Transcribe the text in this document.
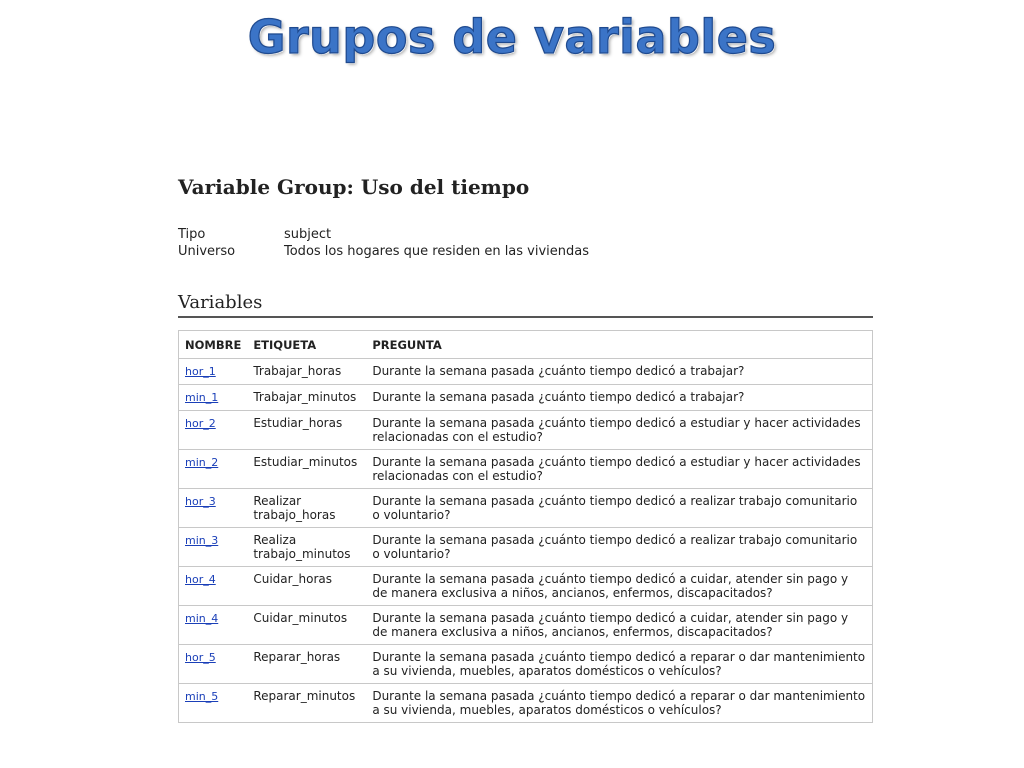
Grupos de variables
Variable Group: Uso del tiempo
Tipo	subject
Universo	Todos los hogares que residen en las viviendas
Variables
NOMBRE	ETIQUETA	PREGUNTA
hor_1	Trabajar_horas	Durante la semana pasada ¿cuánto tiempo dedicó a trabajar?
min_1	Trabajar_minutos	Durante la semana pasada ¿cuánto tiempo dedicó a trabajar?
hor_2	Estudiar_horas	Durante la semana pasada ¿cuánto tiempo dedicó a estudiar y hacer actividades relacionadas con el estudio?
min_2	Estudiar_minutos	Durante la semana pasada ¿cuánto tiempo dedicó a estudiar y hacer actividades relacionadas con el estudio?
hor_3	Realizar trabajo_horas	Durante la semana pasada ¿cuánto tiempo dedicó a realizar trabajo comunitario o voluntario?
min_3	Realiza trabajo_minutos	Durante la semana pasada ¿cuánto tiempo dedicó a realizar trabajo comunitario o voluntario?
hor_4	Cuidar_horas	Durante la semana pasada ¿cuánto tiempo dedicó a cuidar, atender sin pago y de manera exclusiva a niños, ancianos, enfermos, discapacitados?
min_4	Cuidar_minutos	Durante la semana pasada ¿cuánto tiempo dedicó a cuidar, atender sin pago y de manera exclusiva a niños, ancianos, enfermos, discapacitados?
hor_5	Reparar_horas	Durante la semana pasada ¿cuánto tiempo dedicó a reparar o dar mantenimiento a su vivienda, muebles, aparatos domésticos o vehículos?
min_5	Reparar_minutos	Durante la semana pasada ¿cuánto tiempo dedicó a reparar o dar mantenimiento a su vivienda, muebles, aparatos domésticos o vehículos?
